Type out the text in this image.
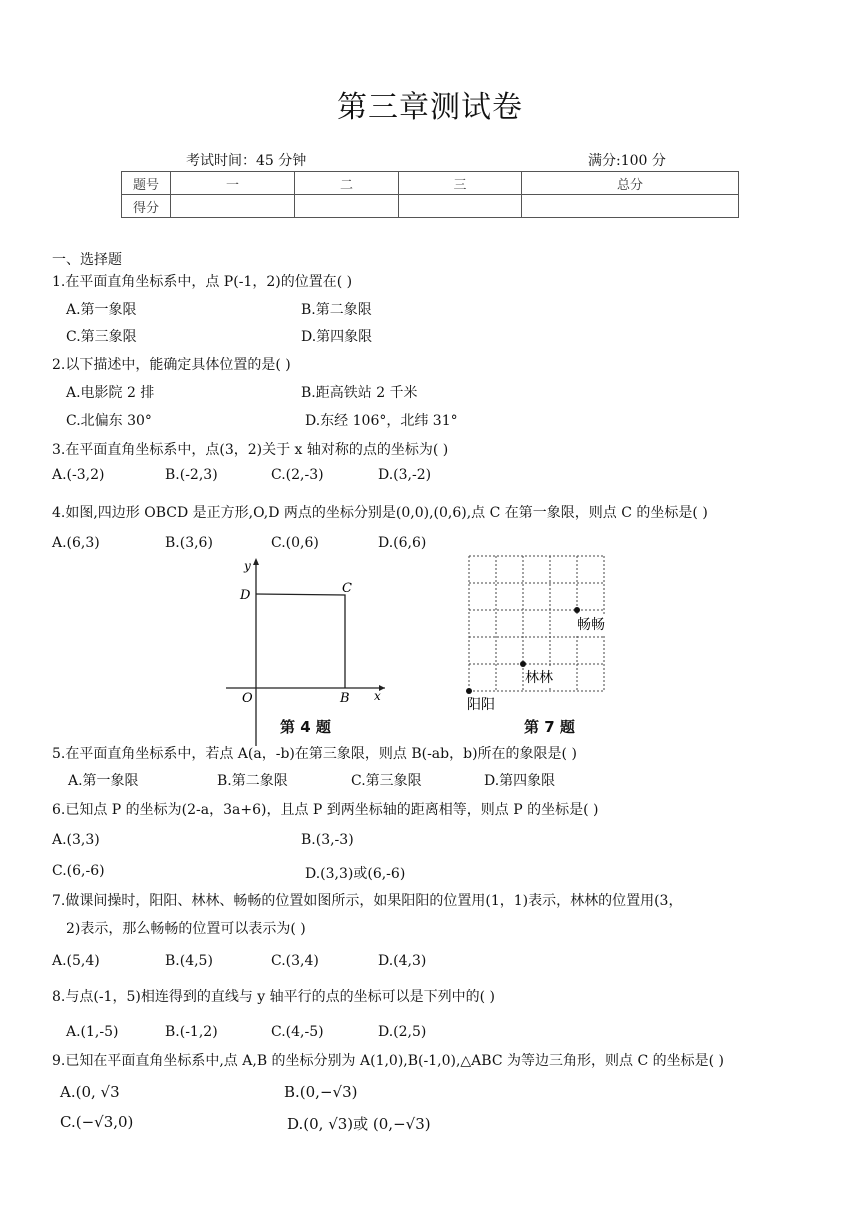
第三章测试卷
考试时间：45 分钟	满分:100 分
题号	一	二	三	总分
得分				
一、选择题
1.在平面直角坐标系中，点 P(-1，2)的位置在( )
A.第一象限	B.第二象限
C.第三象限	D.第四象限
2.以下描述中，能确定具体位置的是( )
A.电影院 2 排	B.距高铁站 2 千米
C.北偏东 30°	D.东经 106°，北纬 31°
3.在平面直角坐标系中，点(3，2)关于 x 轴对称的点的坐标为( )
A.(-3,2)	B.(-2,3)	C.(2,-3)	D.(3,-2)
4.如图,四边形 OBCD 是正方形,O,D 两点的坐标分别是(0,0),(0,6),点 C 在第一象限，则点 C 的坐标是( )
A.(6,3)	B.(3,6)	C.(0,6)	D.(6,6)
y
D	C
O	B x
第 4 题
畅畅
林林
阳阳
第 7 题
5.在平面直角坐标系中，若点 A(a，-b)在第三象限，则点 B(-ab，b)所在的象限是( )
A.第一象限	B.第二象限	C.第三象限	D.第四象限
6.已知点 P 的坐标为(2-a，3a+6)，且点 P 到两坐标轴的距离相等，则点 P 的坐标是( )
A.(3,3)	B.(3,-3)
C.(6,-6)	D.(3,3)或(6,-6)
7.做课间操时，阳阳、林林、畅畅的位置如图所示，如果阳阳的位置用(1，1)表示，林林的位置用(3，
2)表示，那么畅畅的位置可以表示为( )
A.(5,4)	B.(4,5)	C.(3,4)	D.(4,3)
8.与点(-1，5)相连得到的直线与 y 轴平行的点的坐标可以是下列中的( )
A.(1,-5)	B.(-1,2)	C.(4,-5)	D.(2,5)
9.已知在平面直角坐标系中,点 A,B 的坐标分别为 A(1,0),B(-1,0),△ABC 为等边三角形，则点 C 的坐标是( )
A.(0, √3	B.(0,−√3)
C.(−√3,0)	D.(0, √3)或 (0,−√3)
